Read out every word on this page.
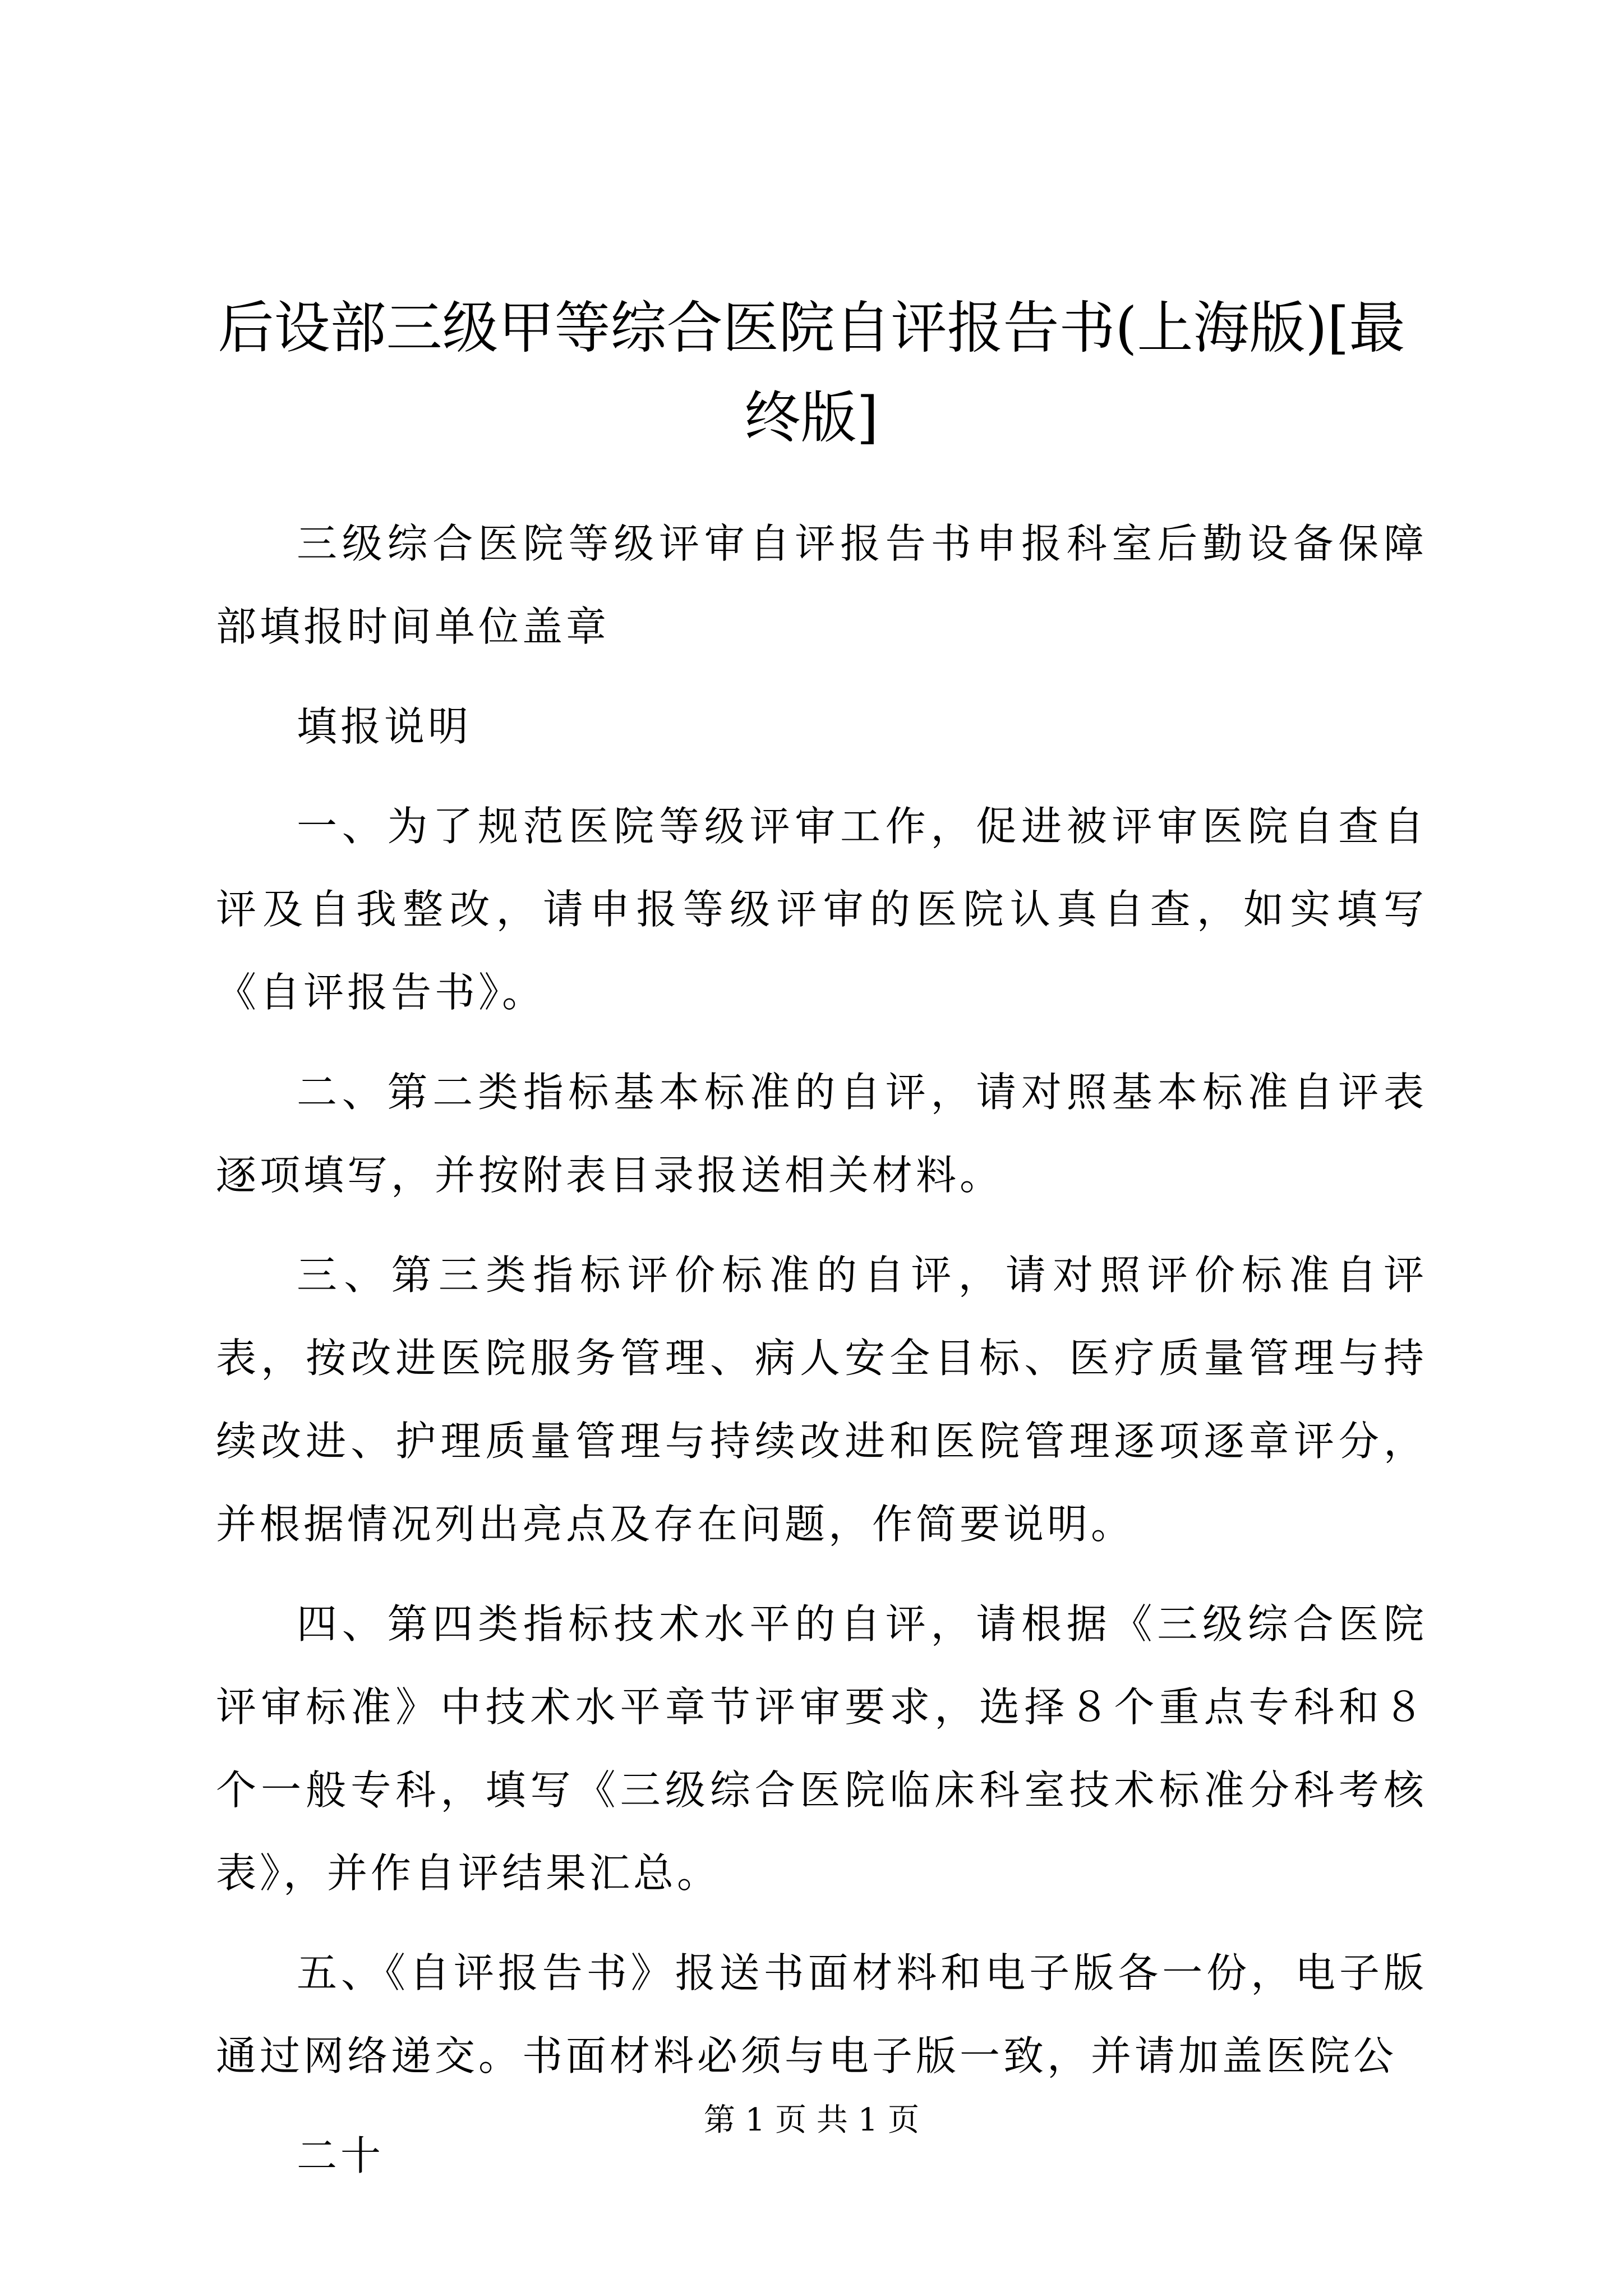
后设部三级甲等综合医院自评报告书(上海版)[最终版]

三级综合医院等级评审自评报告书申报科室后勤设备保障部填报时间单位盖章

填报说明

一、为了规范医院等级评审工作，促进被评审医院自查自评及自我整改，请申报等级评审的医院认真自查，如实填写《自评报告书》。

二、第二类指标基本标准的自评，请对照基本标准自评表逐项填写，并按附表目录报送相关材料。

三、第三类指标评价标准的自评，请对照评价标准自评表，按改进医院服务管理、病人安全目标、医疗质量管理与持续改进、护理质量管理与持续改进和医院管理逐项逐章评分，并根据情况列出亮点及存在问题，作简要说明。

四、第四类指标技术水平的自评，请根据《三级综合医院评审标准》中技术水平章节评审要求，选择８个重点专科和８个一般专科，填写《三级综合医院临床科室技术标准分科考核表》，并作自评结果汇总。

五、《自评报告书》报送书面材料和电子版各一份，电子版通过网络递交。书面材料必须与电子版一致，并请加盖医院公

二十

第 1 页 共 1 页
